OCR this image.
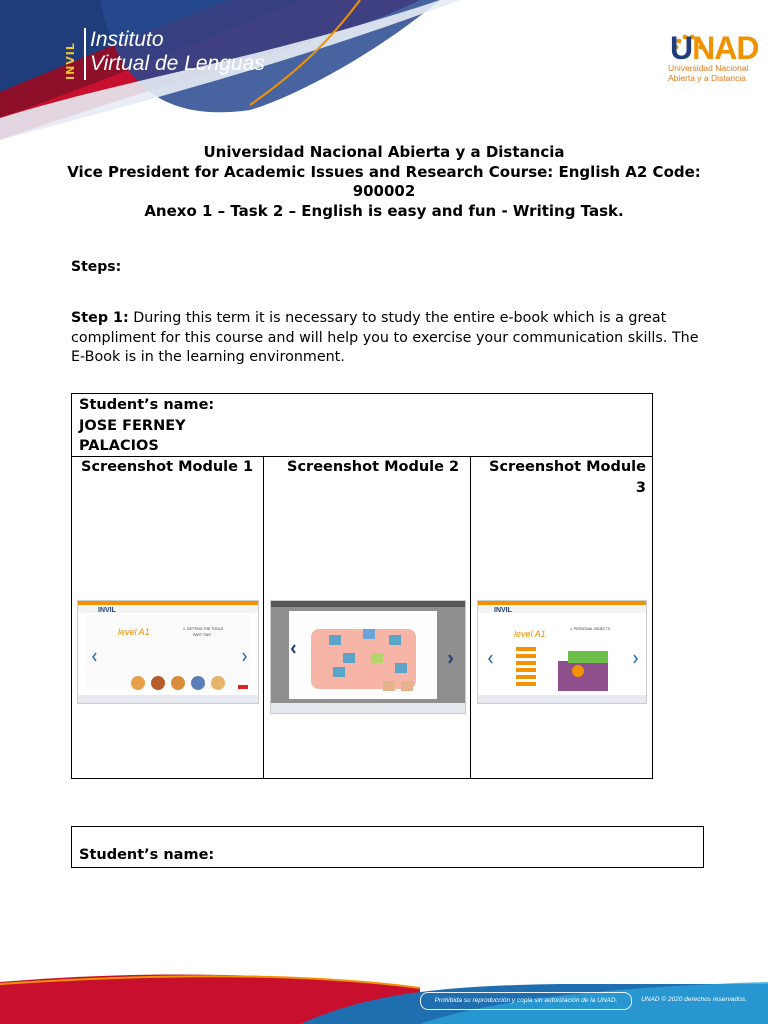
INVIL
Instituto
Virtual de Lenguas	UNAD
Universidad Nacional
Abierta y a Distancia
Universidad Nacional Abierta y a Distancia
Vice President for Academic Issues and Research Course: English A2 Code:
900002
Anexo 1 – Task 2 – English is easy and fun - Writing Task.
Steps:
Step 1: During this term it is necessary to study the entire e-book which is a great compliment for this course and will help you to exercise your communication skills. The E-Book is in the learning environment.
Student’s name:
JOSE FERNEY
PALACIOS
Screenshot Module 1	Screenshot Module 2	Screenshot Module
3
INVIL
level A1	1. GETTING THE TOOLS
PART TWO
INVIL
level A1	1. PERSONAL OBJECTS
Student’s name:
Prohibida su reproducción y copia sin autorización de la UNAD.	UNAD © 2020 derechos reservados.
